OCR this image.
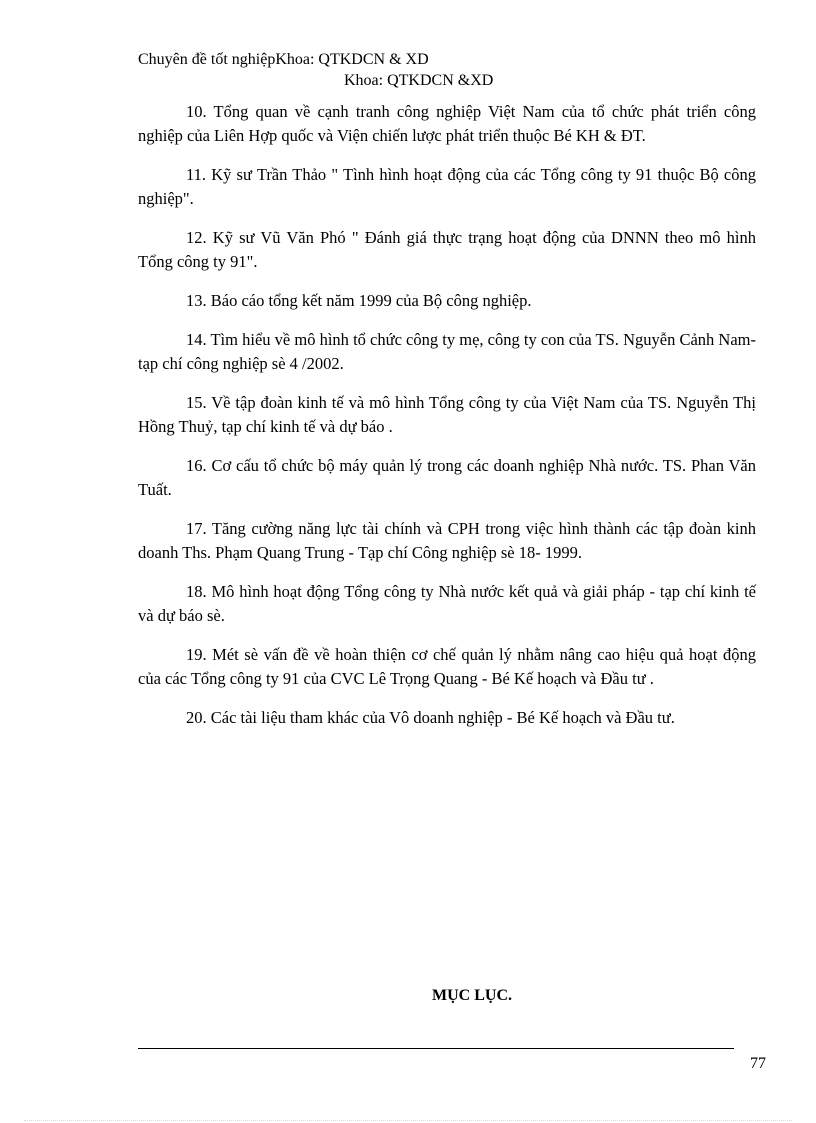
Chuyên đề tốt nghiệpKhoa: QTKDCN & XD
Khoa: QTKDCN &XD

10. Tổng quan về cạnh tranh công nghiệp Việt Nam của tổ chức phát triển công nghiệp của Liên Hợp quốc và Viện chiến lược phát triển thuộc Bé KH & ĐT.

11. Kỹ sư Trần Thảo " Tình hình hoạt động của các Tổng công ty 91 thuộc Bộ công nghiệp".

12. Kỹ sư Vũ Văn Phó " Đánh giá thực trạng hoạt động của DNNN theo mô hình Tổng công ty 91".

13. Báo cáo tổng kết năm 1999 của Bộ công nghiệp.

14. Tìm hiểu về mô hình tổ chức công ty mẹ, công ty con của TS. Nguyễn Cảnh Nam- tạp chí công nghiệp sè 4 /2002.

15. Về tập đoàn kinh tế và mô hình Tổng công ty của Việt Nam của TS. Nguyễn Thị Hồng Thuỷ, tạp chí kinh tế và dự báo .

16. Cơ cấu tổ chức bộ máy quản lý trong các doanh nghiệp Nhà nước. TS. Phan Văn Tuất.

17. Tăng cường năng lực tài chính và CPH trong việc hình thành các tập đoàn kinh doanh Ths. Phạm Quang Trung - Tạp chí Công nghiệp sè 18- 1999.

18. Mô hình hoạt động Tổng công ty Nhà nước kết quả và giải pháp - tạp chí kinh tế và dự báo sè.

19. Mét sè vấn đề về hoàn thiện cơ chế quản lý nhằm nâng cao hiệu quả hoạt động của các Tổng công ty 91 của CVC Lê Trọng Quang - Bé Kế hoạch và Đầu tư .

20. Các tài liệu tham khác của Vô doanh nghiệp - Bé Kế hoạch và Đầu tư.

MỤC LỤC.
77
